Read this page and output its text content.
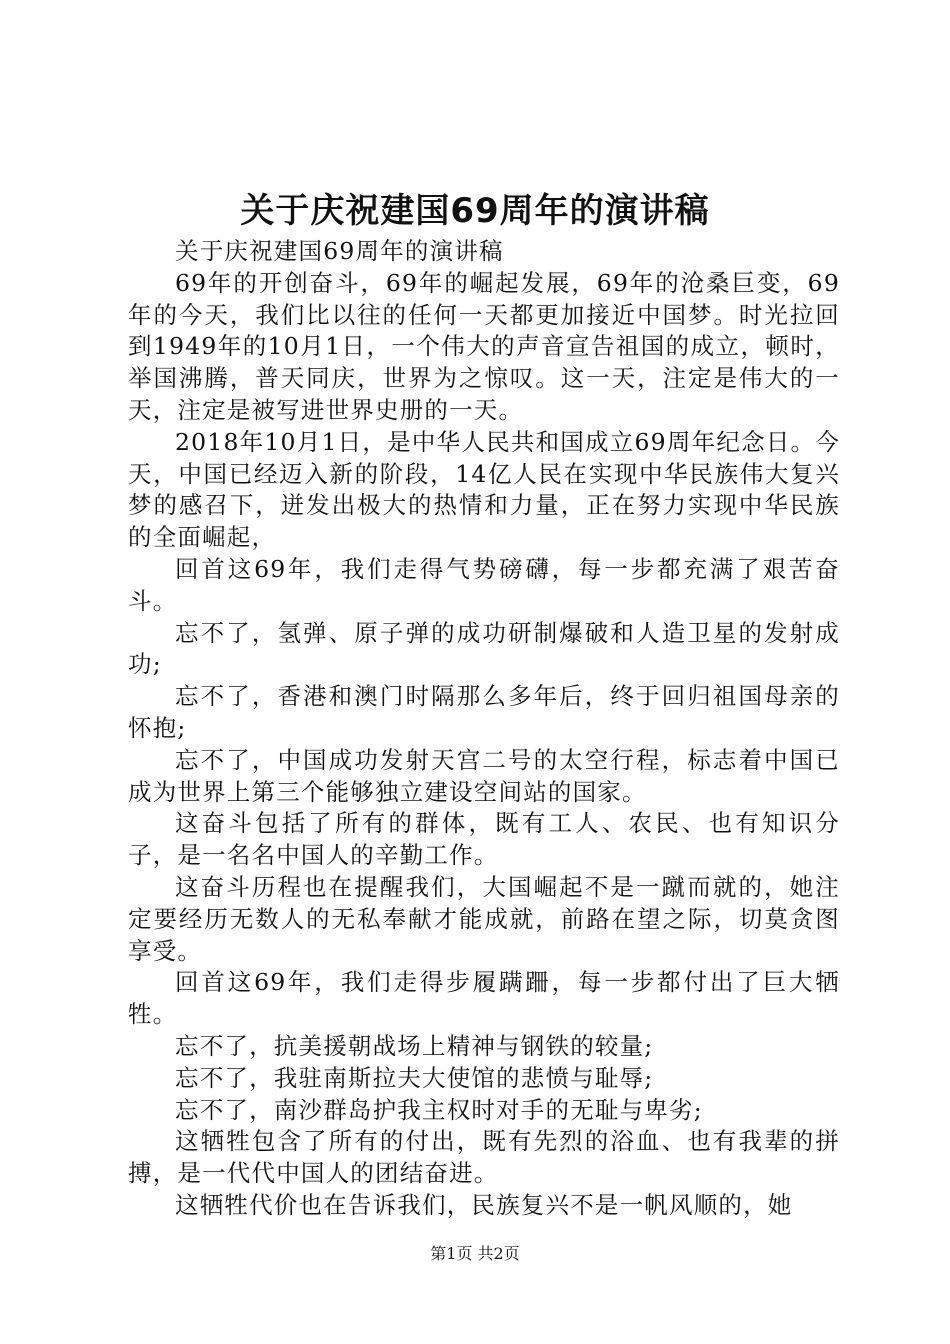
关于庆祝建国69周年的演讲稿

关于庆祝建国69周年的演讲稿

69年的开创奋斗，69年的崛起发展，69年的沧桑巨变，69年的今天，我们比以往的任何一天都更加接近中国梦。时光拉回到1949年的10月1日，一个伟大的声音宣告祖国的成立，顿时，举国沸腾，普天同庆，世界为之惊叹。这一天，注定是伟大的一天，注定是被写进世界史册的一天。

2018年10月1日，是中华人民共和国成立69周年纪念日。今天，中国已经迈入新的阶段，14亿人民在实现中华民族伟大复兴梦的感召下，迸发出极大的热情和力量，正在努力实现中华民族的全面崛起，

回首这69年，我们走得气势磅礴，每一步都充满了艰苦奋斗。

忘不了，氢弹、原子弹的成功研制爆破和人造卫星的发射成功;

忘不了，香港和澳门时隔那么多年后，终于回归祖国母亲的怀抱;

忘不了，中国成功发射天宫二号的太空行程，标志着中国已成为世界上第三个能够独立建设空间站的国家。

这奋斗包括了所有的群体，既有工人、农民、也有知识分子，是一名名中国人的辛勤工作。

这奋斗历程也在提醒我们，大国崛起不是一蹴而就的，她注定要经历无数人的无私奉献才能成就，前路在望之际，切莫贪图享受。

回首这69年，我们走得步履蹒跚，每一步都付出了巨大牺牲。

忘不了，抗美援朝战场上精神与钢铁的较量;

忘不了，我驻南斯拉夫大使馆的悲愤与耻辱;

忘不了，南沙群岛护我主权时对手的无耻与卑劣;

这牺牲包含了所有的付出，既有先烈的浴血、也有我辈的拼搏，是一代代中国人的团结奋进。

这牺牲代价也在告诉我们，民族复兴不是一帆风顺的，她

第1页 共2页
